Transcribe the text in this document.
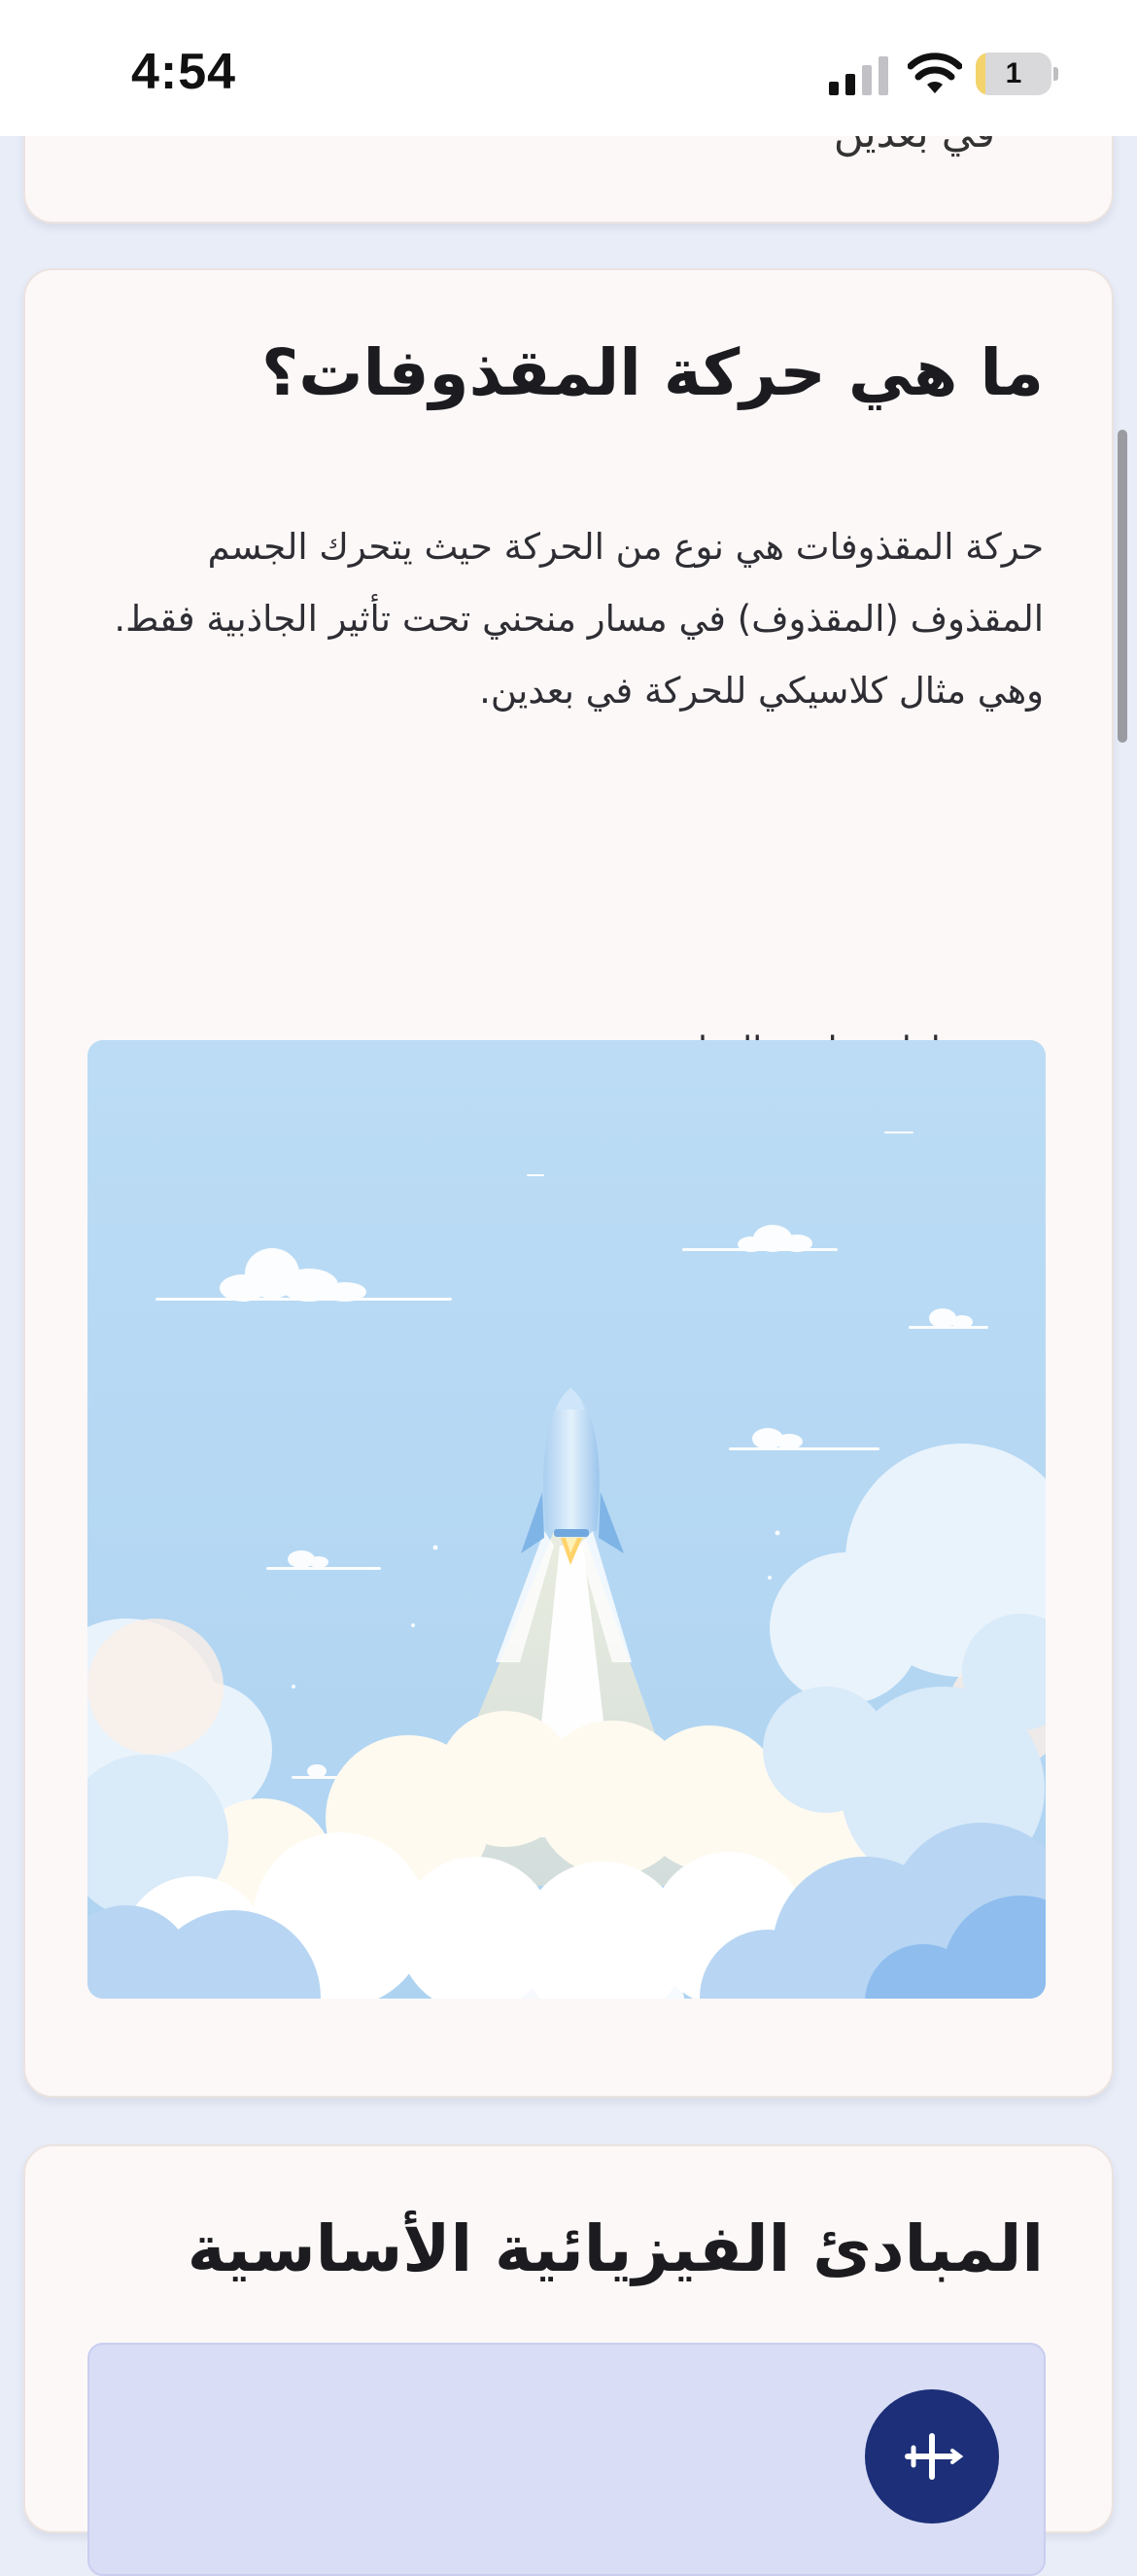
4:54	1
ما هي حركة المقذوفات؟

حركة المقذوفات هي نوع من الحركة حيث يتحرك الجسم المقذوف (المقذوف) في مسار منحني تحت تأثير الجاذبية فقط. وهي مثال كلاسيكي للحركة في بعدين.

المبادئ الفيزيائية الأساسية
